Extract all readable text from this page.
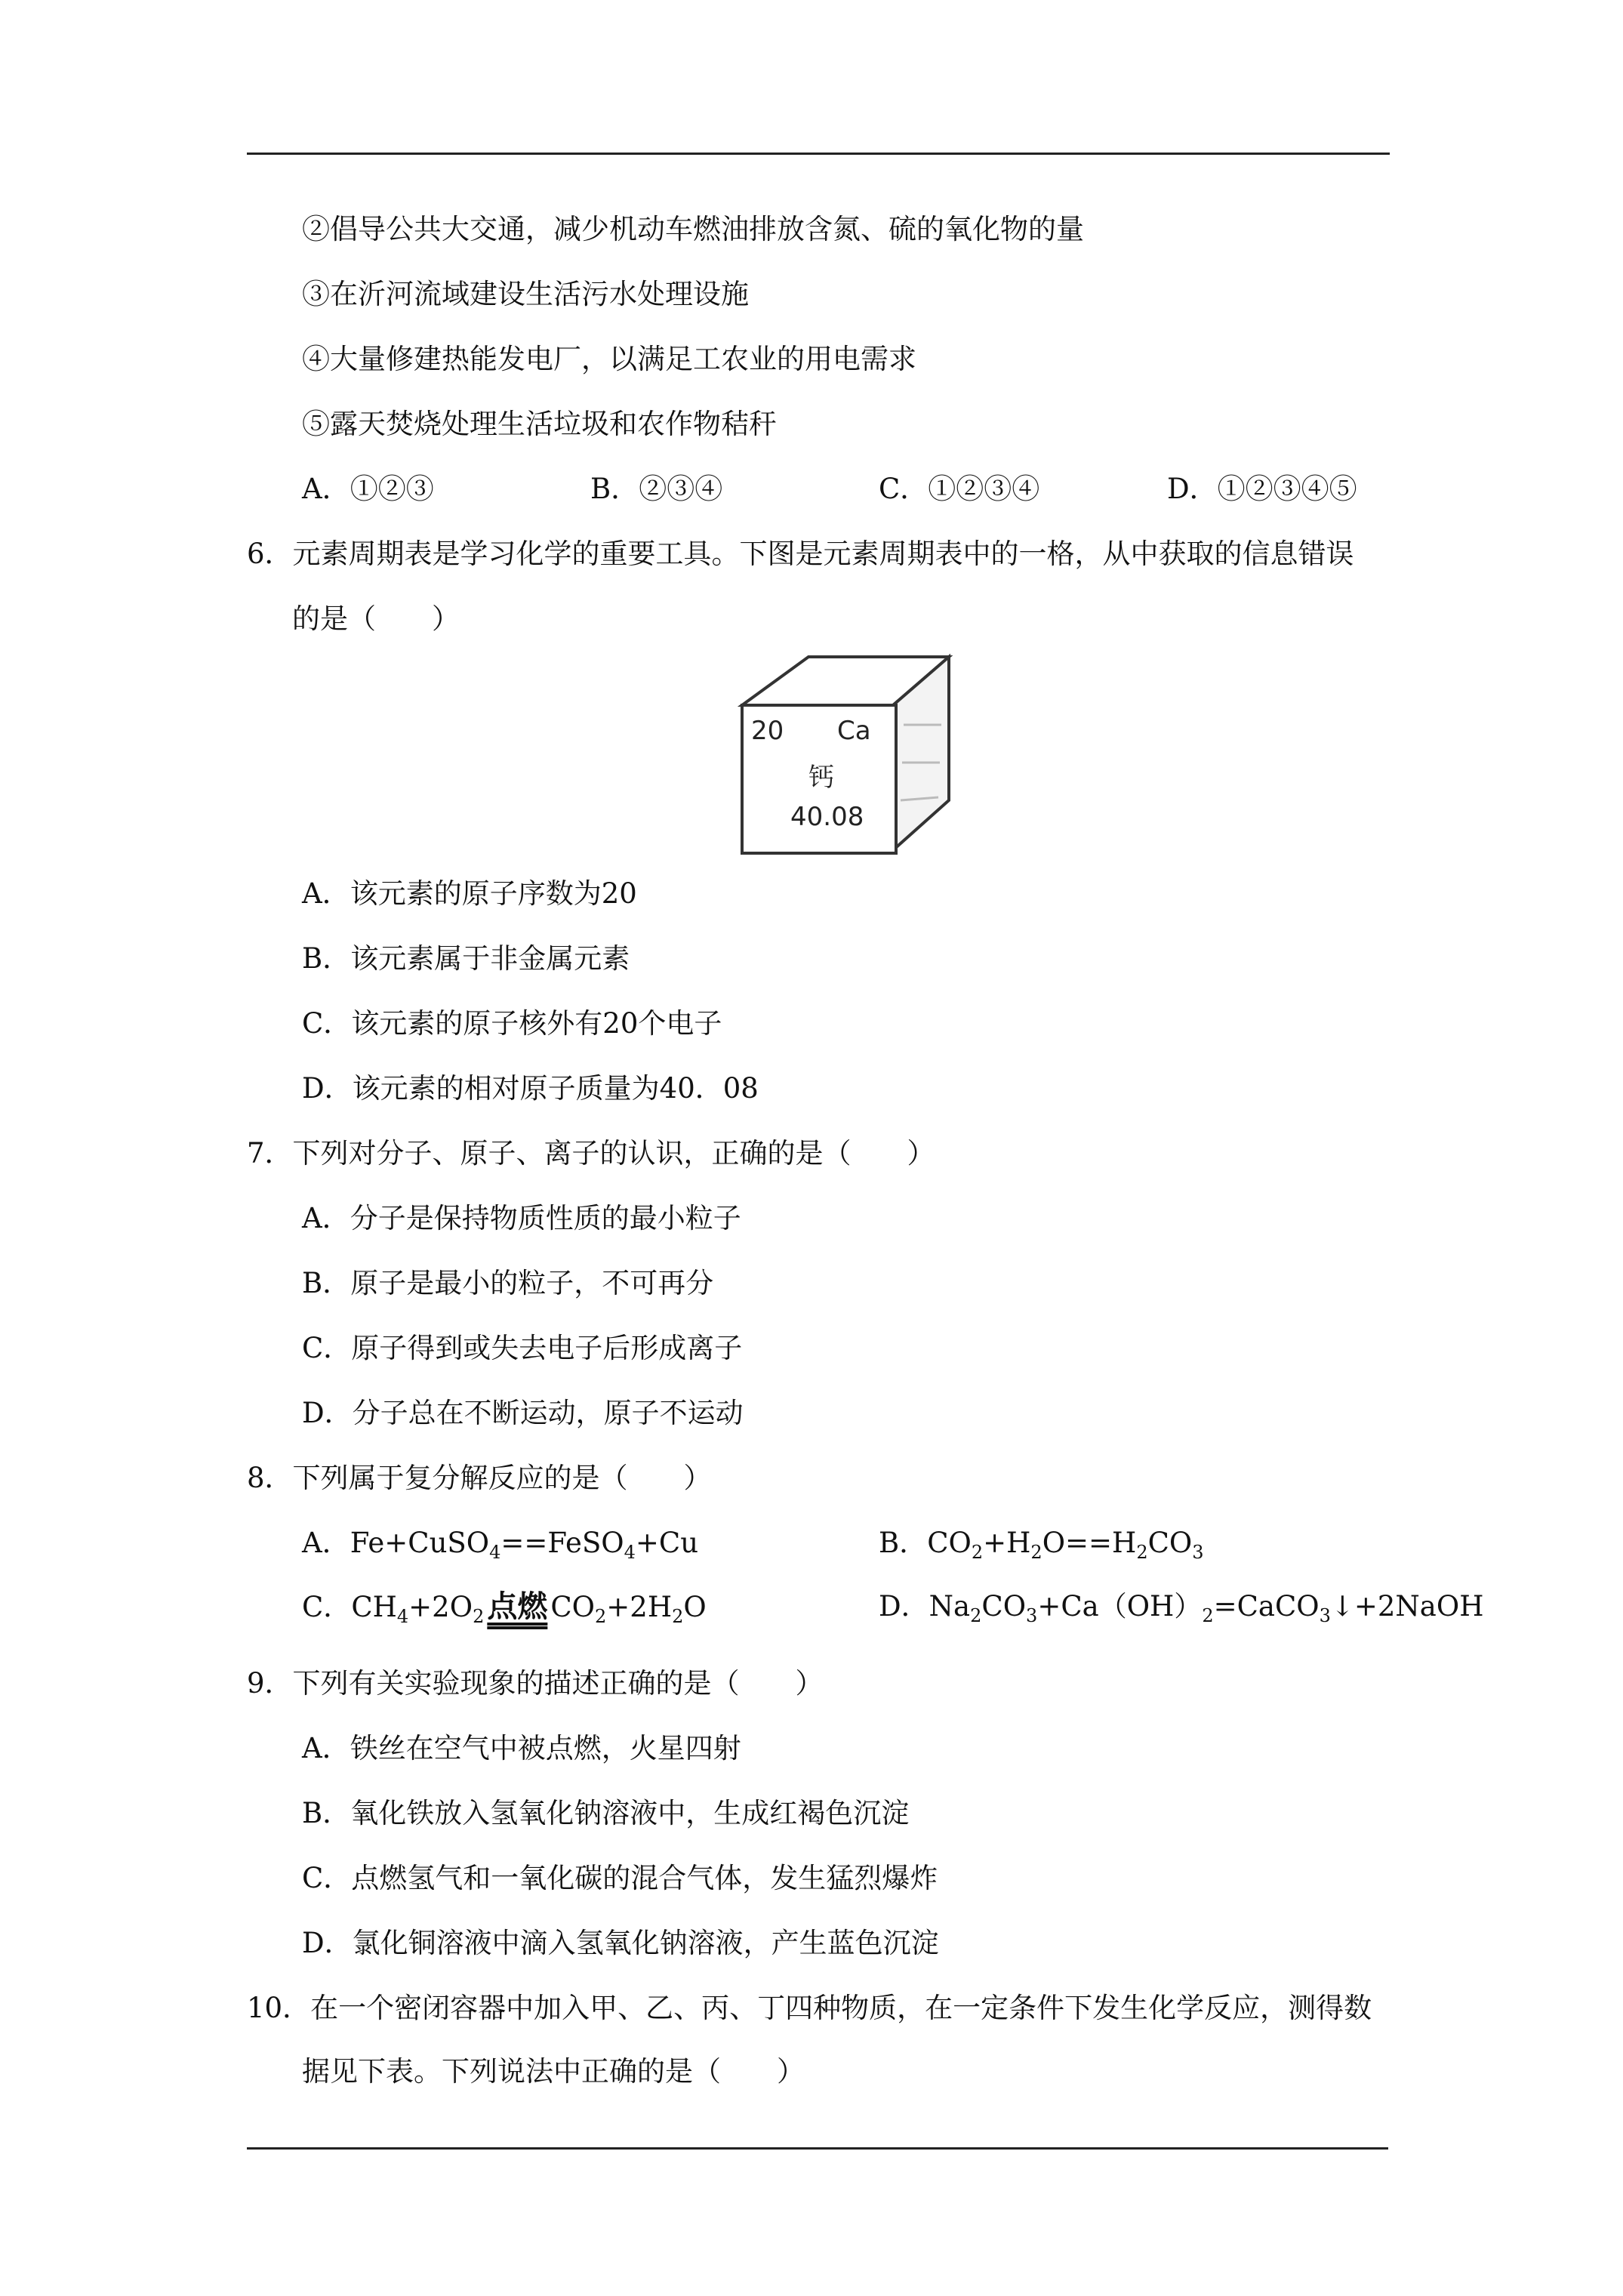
②倡导公共大交通，减少机动车燃油排放含氮、硫的氧化物的量
③在沂河流域建设生活污水处理设施
④大量修建热能发电厂，以满足工农业的用电需求
⑤露天焚烧处理生活垃圾和农作物秸秆
A．①②③	B．②③④	C．①②③④	D．①②③④⑤
6．元素周期表是学习化学的重要工具。下图是元素周期表中的一格，从中获取的信息错误
的是（　　）
20 Ca
钙
40.08
A．该元素的原子序数为20
B．该元素属于非金属元素
C．该元素的原子核外有20个电子
D．该元素的相对原子质量为40．08
7．下列对分子、原子、离子的认识，正确的是（　　）
A．分子是保持物质性质的最小粒子
B．原子是最小的粒子，不可再分
C．原子得到或失去电子后形成离子
D．分子总在不断运动，原子不运动
8．下列属于复分解反应的是（　　）
A．Fe+CuSO$_4$==FeSO$_4$+Cu	B．$CO_2+H_2O==H_2CO_3$
C．$CH_4+2O_2$ 点燃 $CO_2+2H_2O$	D．$Na_2CO_3+Ca(OH)_2=CaCO_3↓+2NaOH$
9．下列有关实验现象的描述正确的是（　　）
A．铁丝在空气中被点燃，火星四射
B．氧化铁放入氢氧化钠溶液中，生成红褐色沉淀
C．点燃氢气和一氧化碳的混合气体，发生猛烈爆炸
D．氯化铜溶液中滴入氢氧化钠溶液，产生蓝色沉淀
10．在一个密闭容器中加入甲、乙、丙、丁四种物质，在一定条件下发生化学反应，测得数
据见下表。下列说法中正确的是（　　）
